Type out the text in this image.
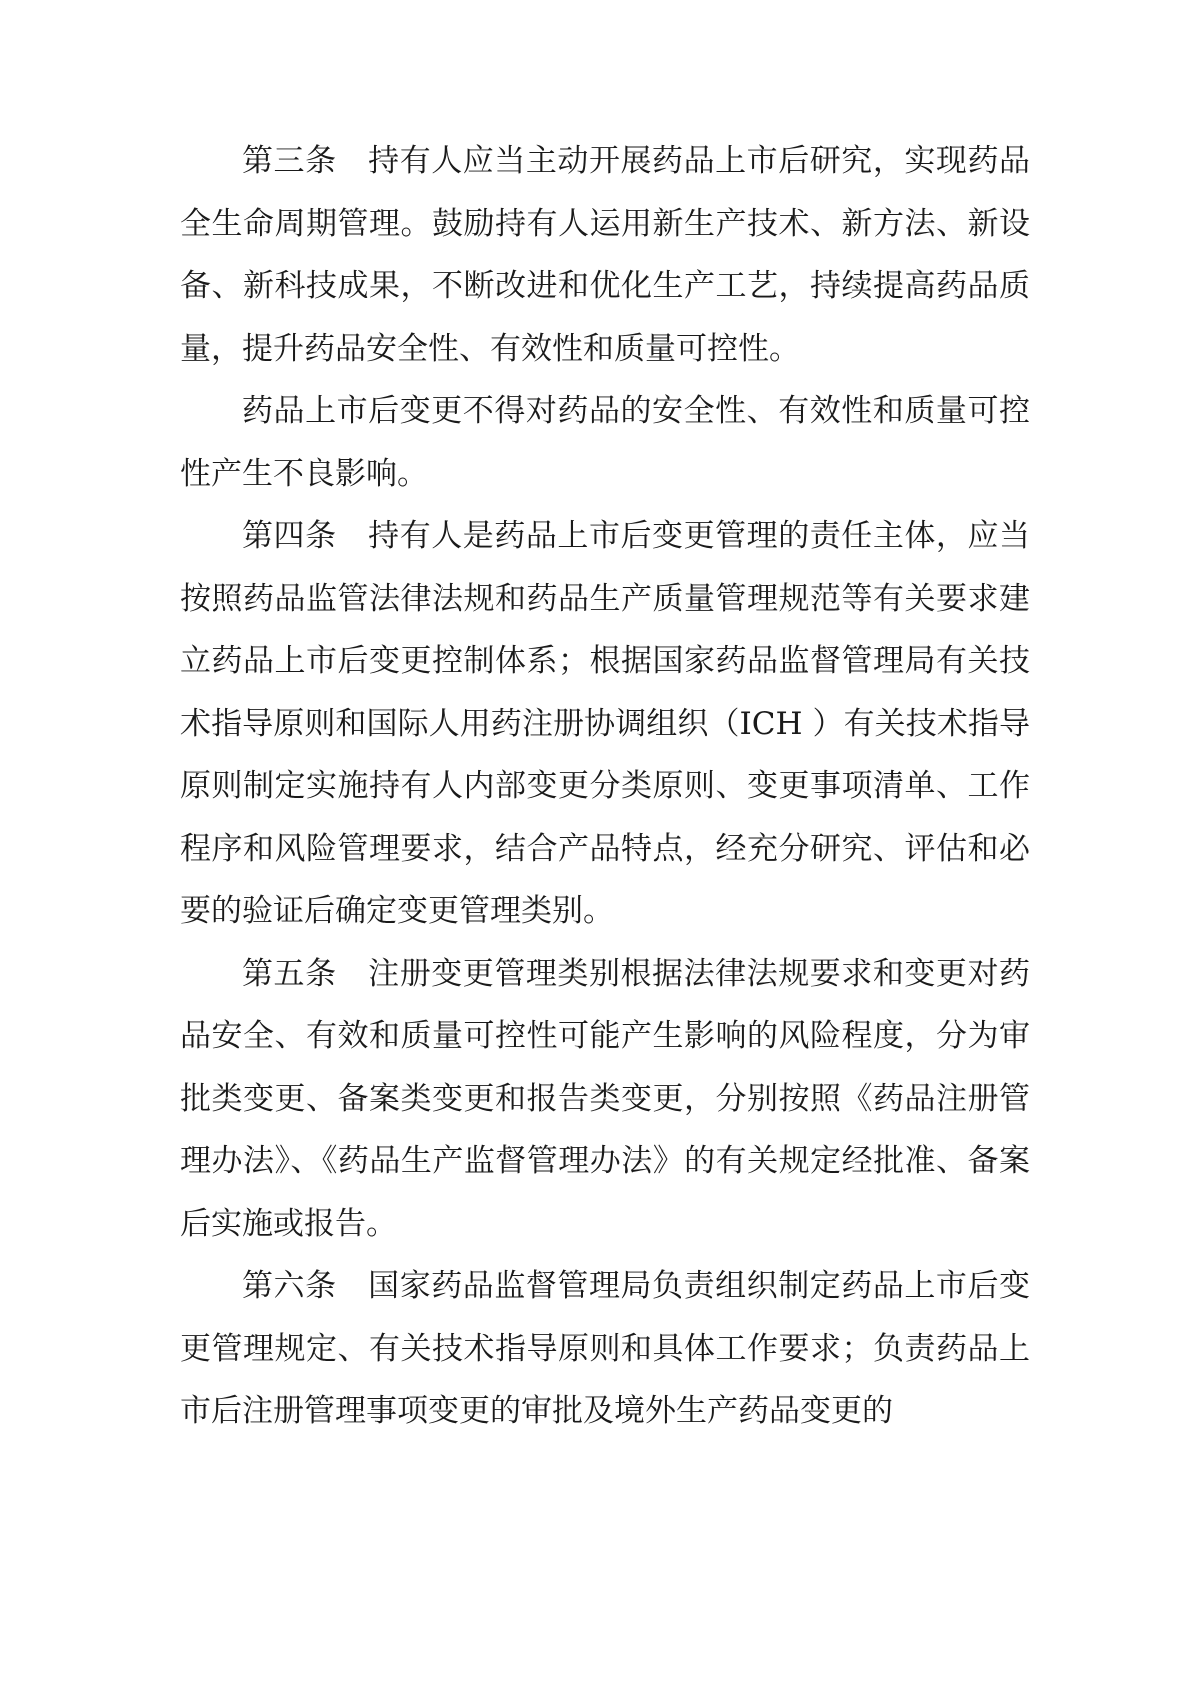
第三条 持有人应当主动开展药品上市后研究，实现药品全生命周期管理。鼓励持有人运用新生产技术、新方法、新设备、新科技成果，不断改进和优化生产工艺，持续提高药品质量，提升药品安全性、有效性和质量可控性。

药品上市后变更不得对药品的安全性、有效性和质量可控性产生不良影响。

第四条 持有人是药品上市后变更管理的责任主体，应当按照药品监管法律法规和药品生产质量管理规范等有关要求建立药品上市后变更控制体系；根据国家药品监督管理局有关技术指导原则和国际人用药注册协调组织（ICH ）有关技术指导原则制定实施持有人内部变更分类原则、变更事项清单、工作程序和风险管理要求，结合产品特点，经充分研究、评估和必要的验证后确定变更管理类别。

第五条 注册变更管理类别根据法律法规要求和变更对药品安全、有效和质量可控性可能产生影响的风险程度，分为审批类变更、备案类变更和报告类变更，分别按照《药品注册管理办法》、《药品生产监督管理办法》的有关规定经批准、备案后实施或报告。

第六条 国家药品监督管理局负责组织制定药品上市后变更管理规定、有关技术指导原则和具体工作要求；负责药品上市后注册管理事项变更的审批及境外生产药品变更的
